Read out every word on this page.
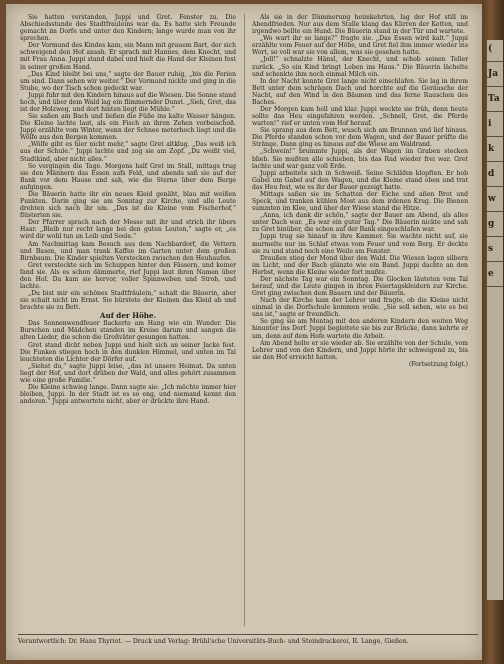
Sie hatten verstanden, Juppi und Gret. Fenster zu. Die Abschiedsstunde des Stadtfrauleins war da. Es hatte sich Freunde gemacht im Dorfe und unter den Kindern; lange wurde man von ihr sprechen.

Der Vormund des Kindes kam, ein Mann mit grauem Bart, der sich schweigend den Hof ansah. Er sprach mit Hannes, dem Knecht, und mit Frau Anna. Juppi stand dabei und hielt die Hand der Kleinen fest in seiner großen Hand.

„Das Kind bleibt bei uns,“ sagte der Bauer ruhig, „bis die Ferien um sind. Dann sehen wir weiter.“ Der Vormund nickte und ging in die Stube, wo der Tisch schon gedeckt war.

Juppi fuhr mit den Kindern hinaus auf die Wiesen. Die Sonne stand hoch, und über dem Wald lag ein flimmernder Dunst. „Sieh, Gret, das ist der Holzweg, und dort hinten liegt die Mühle.“

Sie saßen am Bach und ließen die Füße ins kalte Wasser hängen. Die Kleine lachte laut, als ein Fisch an ihren Zehen vorbeischoß. Juppi erzählte vom Winter, wenn der Schnee meterhoch liegt und die Wölfe aus den Bergen kommen.

„Wölfe gibt es hier nicht mehr,“ sagte Gret altklug. „Das weiß ich aus der Schule.“ Juppi lachte und zog sie am Zopf. „Du weißt viel, Stadtkind, aber nicht alles.“

So vergingen die Tage. Morgens half Gret im Stall, mittags trug sie den Männern das Essen aufs Feld, und abends saß sie auf der Bank vor dem Hause und sah, wie die Sterne über dem Berge aufgingen.

Die Bäuerin hatte ihr ein neues Kleid genäht, blau mit weißen Punkten. Darin ging sie am Sonntag zur Kirche, und alle Leute drehten sich nach ihr um. „Das ist die Kleine vom Fischerhof,“ flüsterten sie.

Der Pfarrer sprach nach der Messe mit ihr und strich ihr übers Haar. „Bleib nur recht lange bei den guten Leuten,“ sagte er, „es wird dir wohl tun an Leib und Seele.“

Am Nachmittag kam Besuch aus dem Nachbardorf, die Vettern und Basen, und man trank Kaffee im Garten unter dem großen Birnbaum. Die Kinder spielten Verstecken zwischen den Heuhaufen.

Gret versteckte sich im Schuppen hinter den Fässern, und keiner fand sie. Als es schon dämmerte, rief Juppi laut ihren Namen über den Hof. Da kam sie hervor, voller Spinnweben und Stroh, und lachte.

„Du bist mir ein schönes Stadtfräulein,“ schalt die Bäuerin, aber sie schalt nicht im Ernst. Sie bürstete der Kleinen das Kleid ab und brachte sie zu Bett.

Auf der Höhe.

Das Sonnenwendfeuer flackerte am Hang wie ein Wunder. Die Burschen und Mädchen standen im Kreise darum und sangen die alten Lieder, die schon die Großväter gesungen hatten.

Gret stand dicht neben Juppi und hielt sich an seiner Jacke fest. Die Funken stiegen hoch in den dunklen Himmel, und unten im Tal leuchteten die Lichter der Dörfer auf.

„Siehst du,“ sagte Juppi leise, „das ist unsere Heimat. Da unten liegt der Hof, und dort drüben der Wald, und alles gehört zusammen wie eine große Familie.“

Die Kleine schwieg lange. Dann sagte sie: „Ich möchte immer hier bleiben, Juppi. In der Stadt ist es so eng, und niemand kennt den anderen.“ Juppi antwortete nicht, aber er drückte ihre Hand.

Als sie in der Dämmerung heimkehrten, lag der Hof still im Abendfrieden. Nur aus dem Stalle klang das Klirren der Ketten, und irgendwo bellte ein Hund. Die Bäuerin stand in der Tür und wartete.

„Wo wart ihr so lange?“ fragte sie. „Das Essen wird kalt.“ Juppi erzählte vom Feuer auf der Höhe, und Gret fiel ihm immer wieder ins Wort, so voll war sie von allem, was sie gesehen hatte.

„Joll!“ schnalzte Hänsl, der Knecht, und schob seinen Teller zurück. „So ein Kind bringt Leben ins Haus.“ Die Bäuerin lächelte und schenkte ihm noch einmal Milch ein.

In der Nacht konnte Gret lange nicht einschlafen. Sie lag in ihrem Bett unter dem schrägen Dach und horchte auf die Geräusche der Nacht, auf den Wind in den Bäumen und das ferne Rauschen des Baches.

Der Morgen kam hell und klar. Juppi weckte sie früh, denn heute sollte das Heu eingefahren werden. „Schnell, Gret, die Pferde warten!“ rief er unten vom Hof herauf.

Sie sprang aus dem Bett, wusch sich am Brunnen und lief hinaus. Die Pferde standen schon vor dem Wagen, und der Bauer prüfte die Stränge. Dann ging es hinaus auf die Wiese am Waldrand.

„Schwein!“ brummte Juppi, als der Wagen im Graben stecken blieb. Sie mußten alle schieben, bis das Rad wieder frei war. Gret lachte und war ganz voll Erde.

Juppi arbeitete sich in Schweiß. Seine Schläfen klopften. Er hob Gabel um Gabel auf den Wagen, und die Kleine stand oben und trat das Heu fest, wie es ihr der Bauer gezeigt hatte.

Mittags saßen sie im Schatten der Eiche und aßen Brot und Speck, und tranken kühlen Most aus dem irdenen Krug. Die Bienen summten im Klee, und über der Wiese stand die Hitze.

„Anna, ich dank dir schön,“ sagte der Bauer am Abend, als alles unter Dach war. „Es war ein guter Tag.“ Die Bäuerin nickte und sah zu Gret hinüber, die schon auf der Bank eingeschlafen war.

Juppi trug sie hinauf in ihre Kammer. Sie wachte nicht auf, sie murmelte nur im Schlaf etwas vom Feuer und vom Berg. Er deckte sie zu und stand noch eine Weile am Fenster.

Draußen stieg der Mond über den Wald. Die Wiesen lagen silbern im Licht, und der Bach glänzte wie ein Band. Juppi dachte an den Herbst, wenn die Kleine wieder fort mußte.

Der nächste Tag war ein Sonntag. Die Glocken läuteten vom Tal herauf, und die Leute gingen in ihren Feiertagskleidern zur Kirche. Gret ging zwischen dem Bauern und der Bäuerin.

Nach der Kirche kam der Lehrer und fragte, ob die Kleine nicht einmal in die Dorfschule kommen wolle. „Sie soll sehen, wie es bei uns ist,“ sagte er freundlich.

So ging sie am Montag mit den anderen Kindern den weiten Weg hinunter ins Dorf. Juppi begleitete sie bis zur Brücke, dann kehrte er um, denn auf dem Hofe wartete die Arbeit.

Am Abend holte er sie wieder ab. Sie erzählte von der Schule, vom Lehrer und von den Kindern, und Juppi hörte ihr schweigend zu, bis sie den Hof erreicht hatten.

(Fortsetzung folgt.)

Verantwortlich: Dr. Hans Thyriot. — Druck und Verlag: Brühl'sche Universitäts-Buch- und Steindruckerei, R. Lange, Gießen.
(
Ja
Ta
i
k
d
w
g
s
e
